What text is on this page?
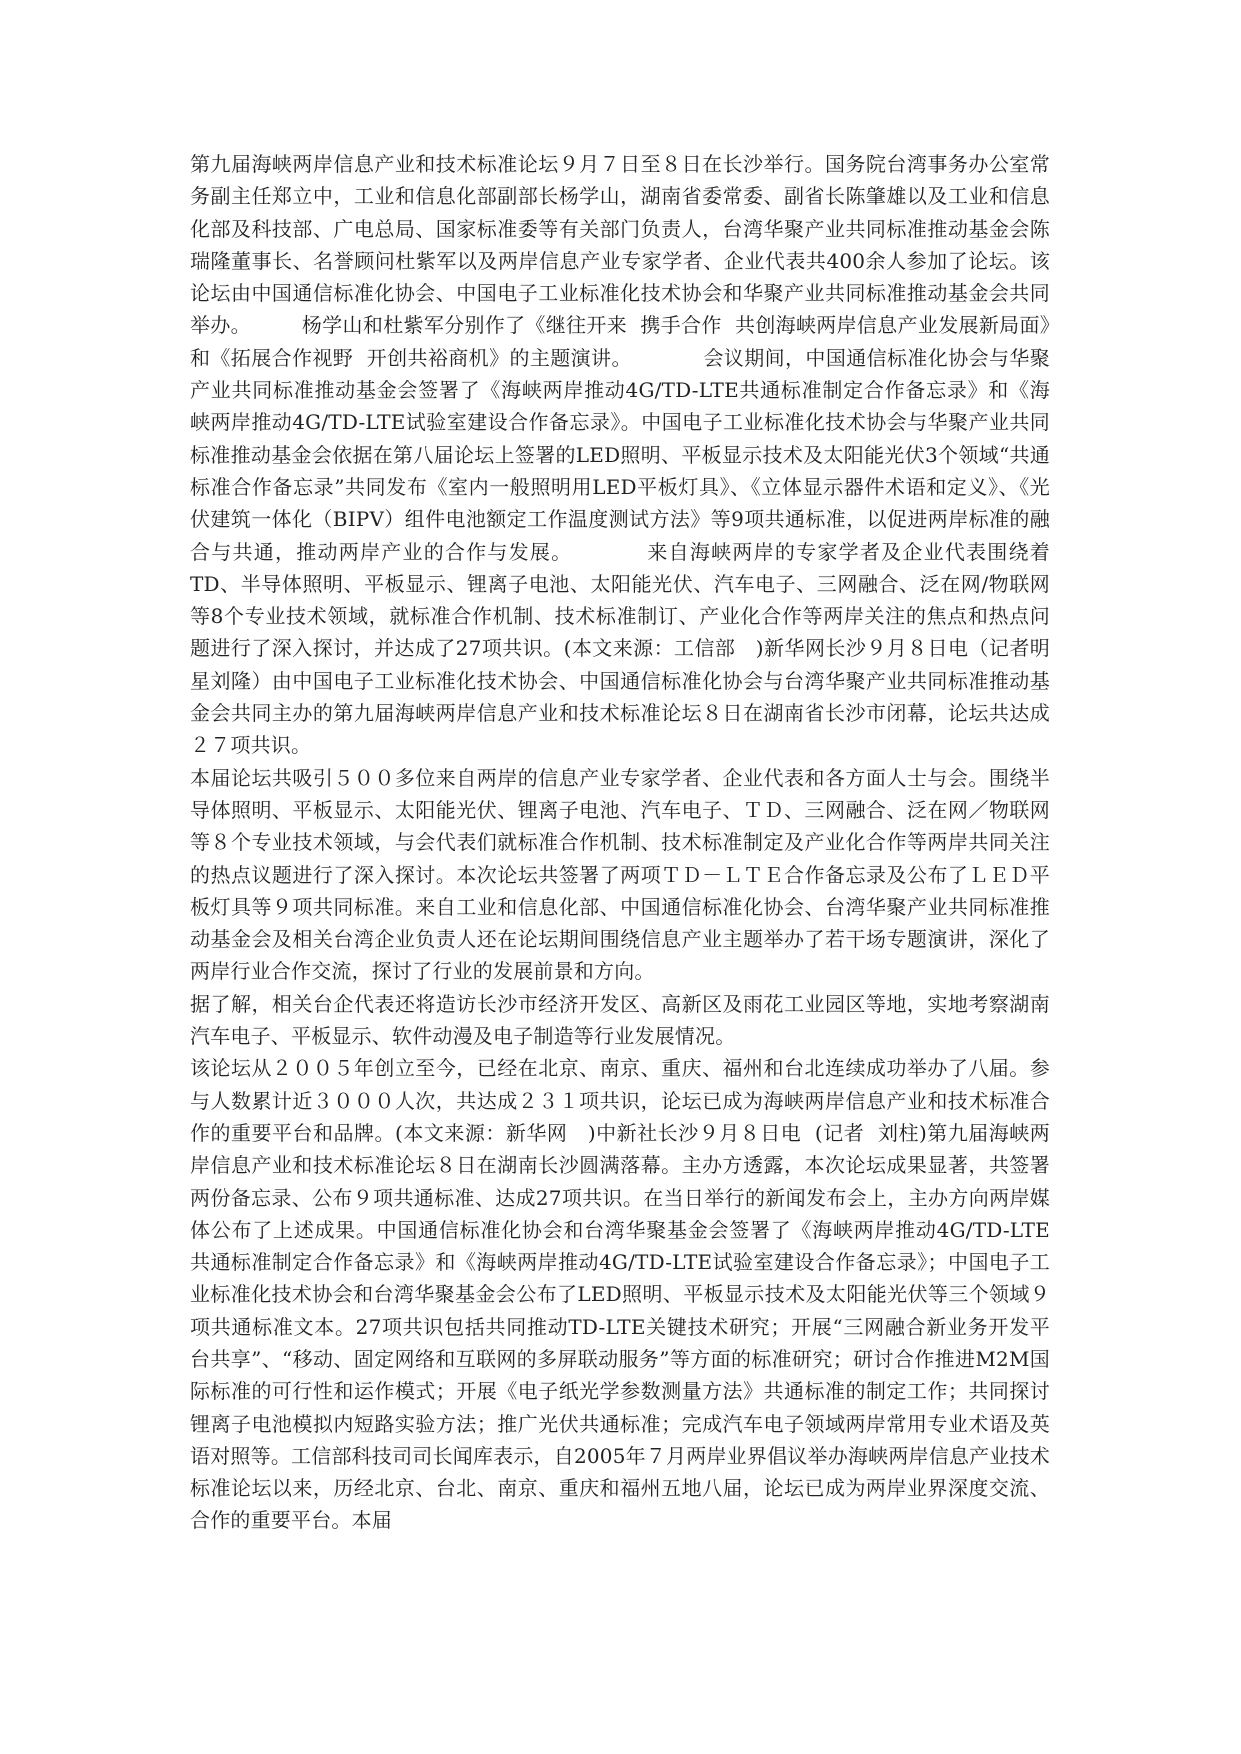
第九届海峡两岸信息产业和技术标准论坛９月７日至８日在长沙举行。国务院台湾事务办公室常务副主任郑立中，工业和信息化部副部长杨学山，湖南省委常委、副省长陈肇雄以及工业和信息化部及科技部、广电总局、国家标准委等有关部门负责人，台湾华聚产业共同标准推动基金会陈瑞隆董事长、名誉顾问杜紫军以及两岸信息产业专家学者、企业代表共400余人参加了论坛。该论坛由中国通信标准化协会、中国电子工业标准化技术协会和华聚产业共同标准推动基金会共同举办。　　　杨学山和杜紫军分别作了《继往开来  携手合作  共创海峡两岸信息产业发展新局面》和《拓展合作视野  开创共裕商机》的主题演讲。　　　　会议期间，中国通信标准化协会与华聚产业共同标准推动基金会签署了《海峡两岸推动4G/TD-LTE共通标准制定合作备忘录》和《海峡两岸推动4G/TD-LTE试验室建设合作备忘录》。中国电子工业标准化技术协会与华聚产业共同标准推动基金会依据在第八届论坛上签署的LED照明、平板显示技术及太阳能光伏3个领域“共通标准合作备忘录”共同发布《室内一般照明用LED平板灯具》、《立体显示器件术语和定义》、《光伏建筑一体化（BIPV）组件电池额定工作温度测试方法》等9项共通标准，以促进两岸标准的融合与共通，推动两岸产业的合作与发展。　　　　来自海峡两岸的专家学者及企业代表围绕着TD、半导体照明、平板显示、锂离子电池、太阳能光伏、汽车电子、三网融合、泛在网/物联网等8个专业技术领域，就标准合作机制、技术标准制订、产业化合作等两岸关注的焦点和热点问题进行了深入探讨，并达成了27项共识。(本文来源：工信部　)新华网长沙９月８日电（记者明星刘隆）由中国电子工业标准化技术协会、中国通信标准化协会与台湾华聚产业共同标准推动基金会共同主办的第九届海峡两岸信息产业和技术标准论坛８日在湖南省长沙市闭幕，论坛共达成２７项共识。

本届论坛共吸引５００多位来自两岸的信息产业专家学者、企业代表和各方面人士与会。围绕半导体照明、平板显示、太阳能光伏、锂离子电池、汽车电子、ＴＤ、三网融合、泛在网／物联网等８个专业技术领域，与会代表们就标准合作机制、技术标准制定及产业化合作等两岸共同关注的热点议题进行了深入探讨。本次论坛共签署了两项ＴＤ－ＬＴＥ合作备忘录及公布了ＬＥＤ平板灯具等９项共同标准。来自工业和信息化部、中国通信标准化协会、台湾华聚产业共同标准推动基金会及相关台湾企业负责人还在论坛期间围绕信息产业主题举办了若干场专题演讲，深化了两岸行业合作交流，探讨了行业的发展前景和方向。

据了解，相关台企代表还将造访长沙市经济开发区、高新区及雨花工业园区等地，实地考察湖南汽车电子、平板显示、软件动漫及电子制造等行业发展情况。

该论坛从２００５年创立至今，已经在北京、南京、重庆、福州和台北连续成功举办了八届。参与人数累计近３０００人次，共达成２３１项共识，论坛已成为海峡两岸信息产业和技术标准合作的重要平台和品牌。(本文来源：新华网　)中新社长沙９月８日电  (记者  刘柱)第九届海峡两岸信息产业和技术标准论坛８日在湖南长沙圆满落幕。主办方透露，本次论坛成果显著，共签署两份备忘录、公布９项共通标准、达成27项共识。在当日举行的新闻发布会上，主办方向两岸媒体公布了上述成果。中国通信标准化协会和台湾华聚基金会签署了《海峡两岸推动4G/TD-LTE共通标准制定合作备忘录》和《海峡两岸推动4G/TD-LTE试验室建设合作备忘录》；中国电子工业标准化技术协会和台湾华聚基金会公布了LED照明、平板显示技术及太阳能光伏等三个领域９项共通标准文本。27项共识包括共同推动TD-LTE关键技术研究；开展“三网融合新业务开发平台共享”、“移动、固定网络和互联网的多屏联动服务”等方面的标准研究；研讨合作推进M2M国际标准的可行性和运作模式；开展《电子纸光学参数测量方法》共通标准的制定工作；共同探讨锂离子电池模拟内短路实验方法；推广光伏共通标准；完成汽车电子领域两岸常用专业术语及英语对照等。工信部科技司司长闻库表示，自2005年７月两岸业界倡议举办海峡两岸信息产业技术标准论坛以来，历经北京、台北、南京、重庆和福州五地八届，论坛已成为两岸业界深度交流、合作的重要平台。本届
